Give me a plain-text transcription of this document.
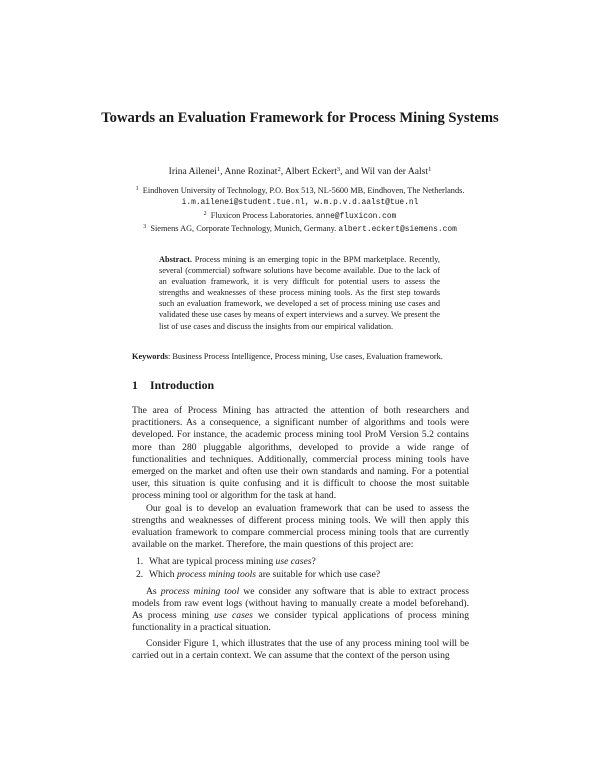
Towards an Evaluation Framework for Process Mining Systems
Irina Ailenei$^1$, Anne Rozinat$^2$, Albert Eckert$^3$, and Wil van der Aalst$^1$
$^1$ Eindhoven University of Technology, P.O. Box 513, NL-5600 MB, Eindhoven, The Netherlands. i.m.ailenei@student.tue.nl, w.m.p.v.d.aalst@tue.nl
$^2$ Fluxicon Process Laboratories. anne@fluxicon.com
$^3$ Siemens AG, Corporate Technology, Munich, Germany. albert.eckert@siemens.com
Abstract. Process mining is an emerging topic in the BPM marketplace. Recently, several (commercial) software solutions have become available. Due to the lack of an evaluation framework, it is very difficult for potential users to assess the strengths and weaknesses of these process mining tools. As the first step towards such an evaluation framework, we developed a set of process mining use cases and validated these use cases by means of expert interviews and a survey. We present the list of use cases and discuss the insights from our empirical validation.
Keywords: Business Process Intelligence, Process mining, Use cases, Evaluation framework.
1 Introduction

The area of Process Mining has attracted the attention of both researchers and practitioners. As a consequence, a significant number of algorithms and tools were developed. For instance, the academic process mining tool ProM Version 5.2 contains more than 280 pluggable algorithms, developed to provide a wide range of functionalities and techniques. Additionally, commercial process mining tools have emerged on the market and often use their own standards and naming. For a potential user, this situation is quite confusing and it is difficult to choose the most suitable process mining tool or algorithm for the task at hand.

Our goal is to develop an evaluation framework that can be used to assess the strengths and weaknesses of different process mining tools. We will then apply this evaluation framework to compare commercial process mining tools that are currently available on the market. Therefore, the main questions of this project are:

1. What are typical process mining use cases?
2. Which process mining tools are suitable for which use case?

As process mining tool we consider any software that is able to extract process models from raw event logs (without having to manually create a model beforehand). As process mining use cases we consider typical applications of process mining functionality in a practical situation.

Consider Figure 1, which illustrates that the use of any process mining tool will be carried out in a certain context. We can assume that the context of the person using
